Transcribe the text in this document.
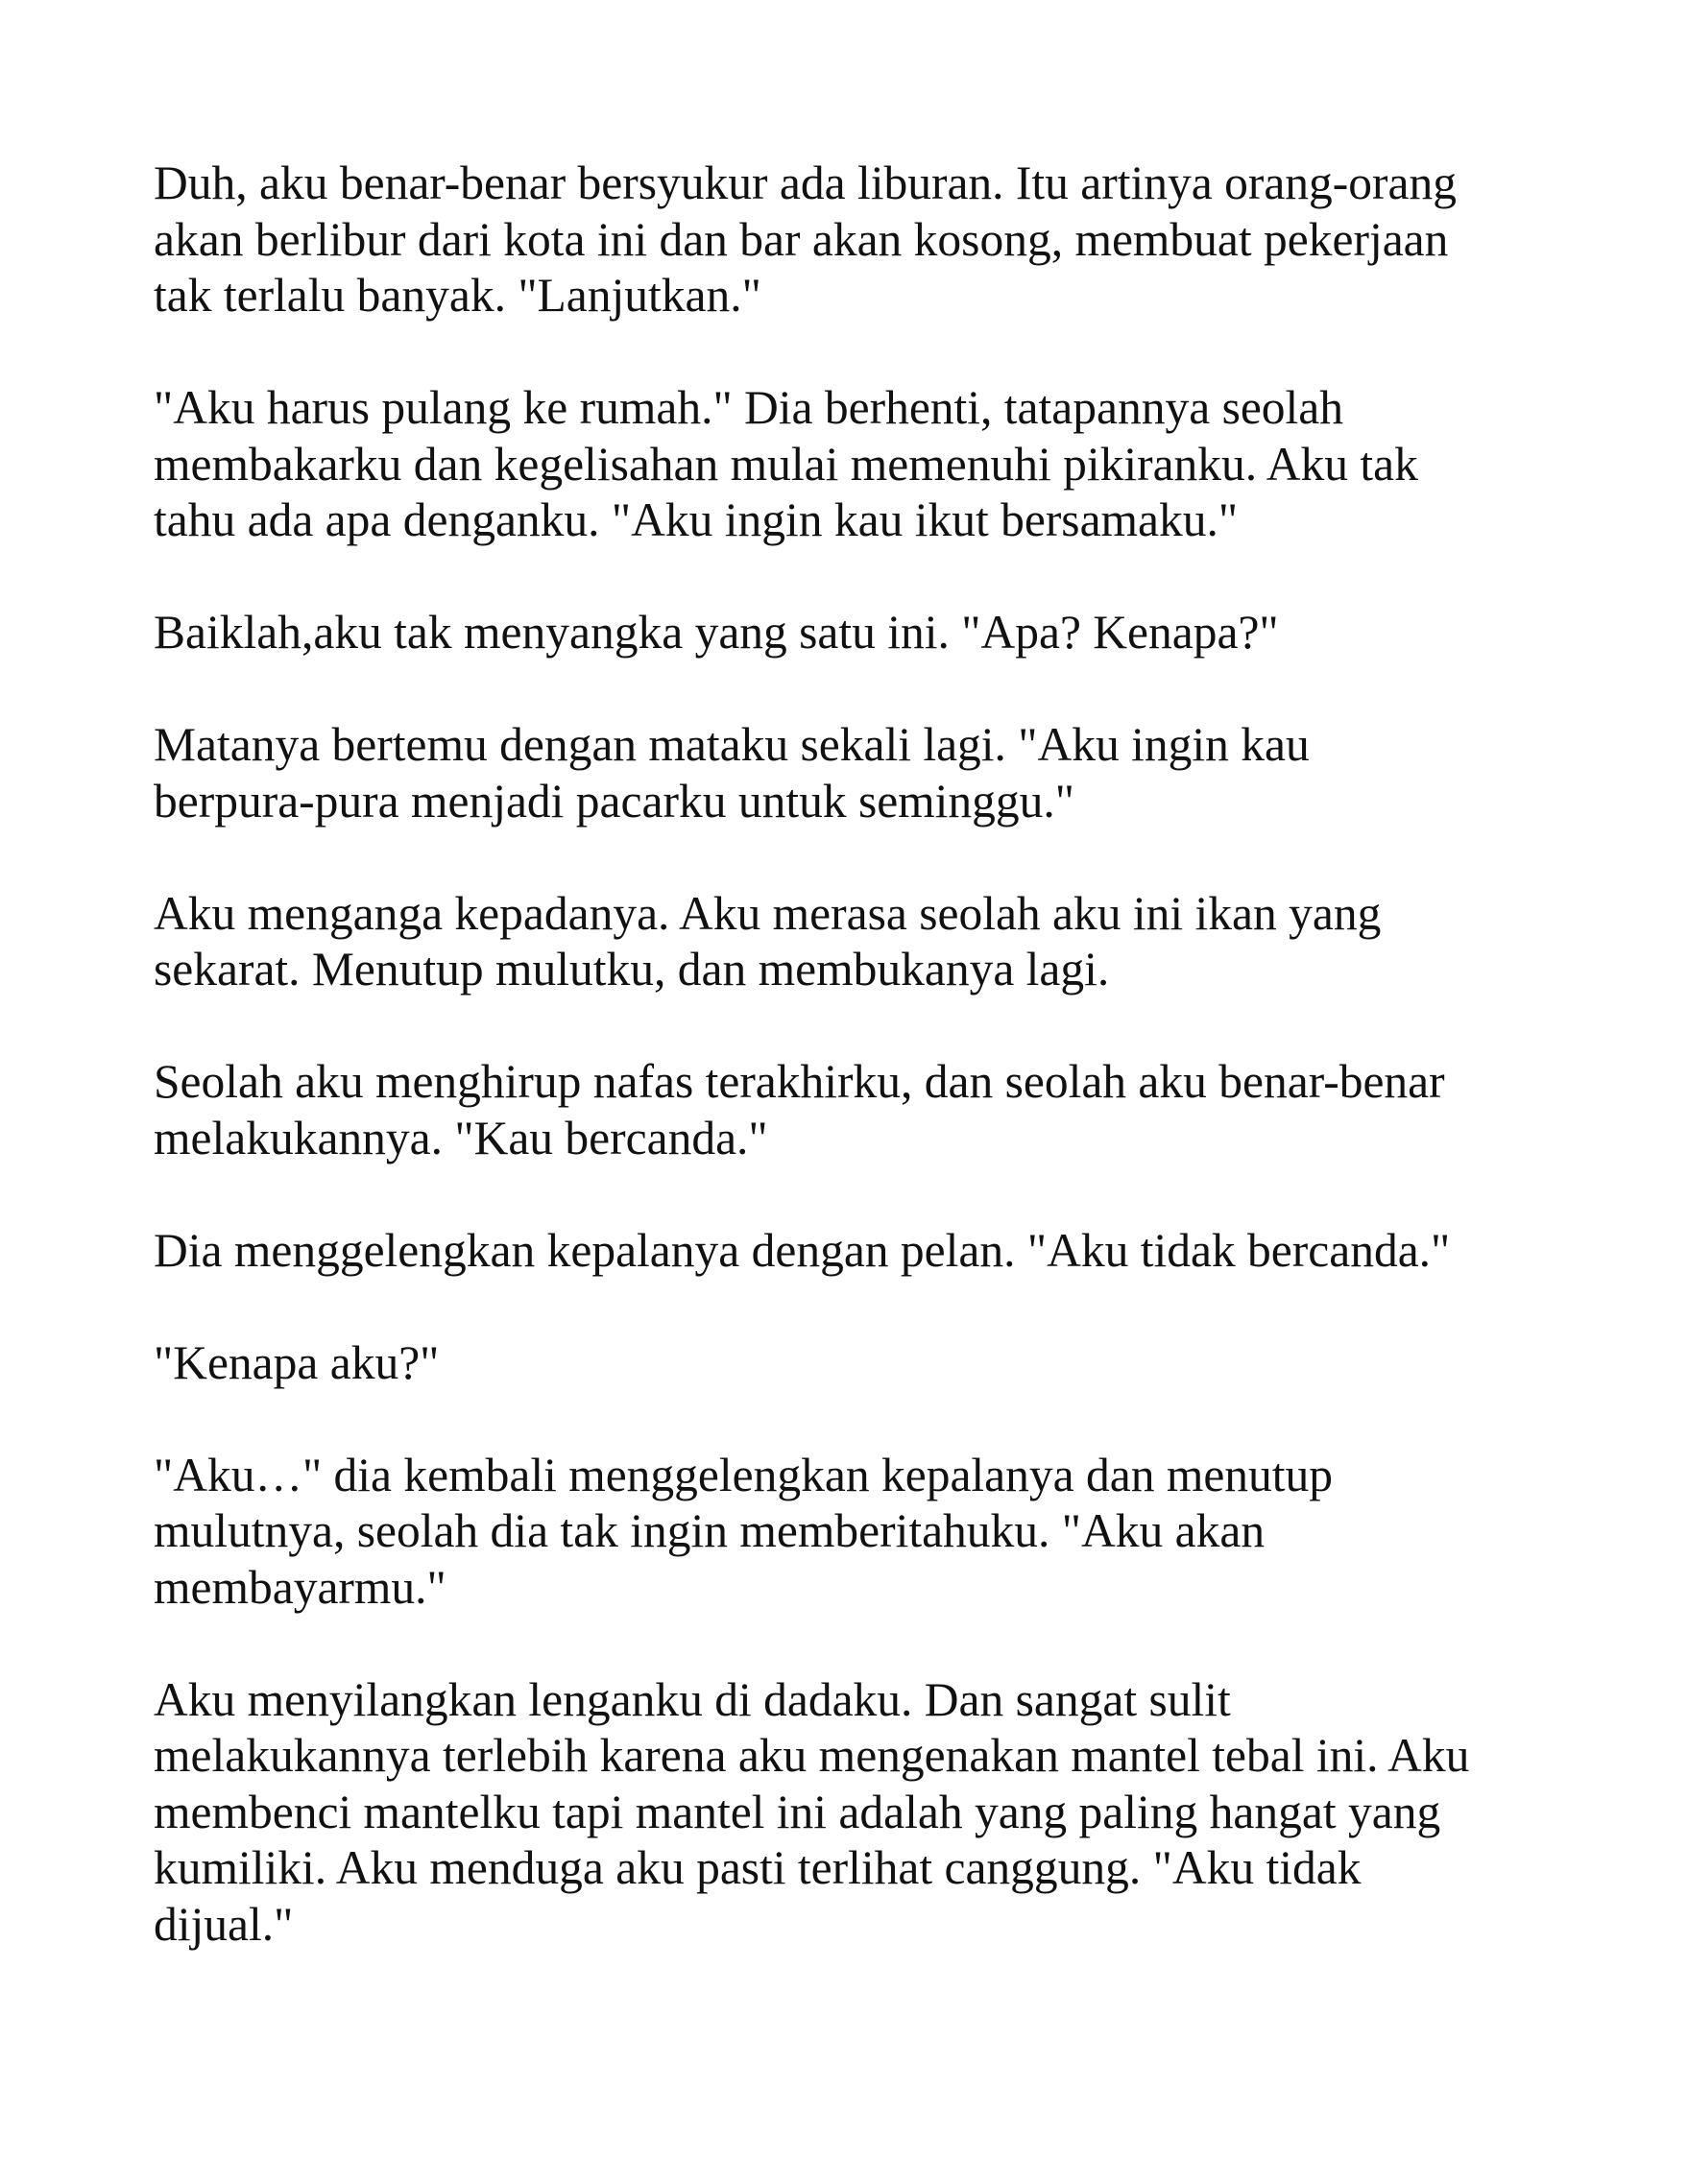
Duh, aku benar-benar bersyukur ada liburan. Itu artinya orang-orang
akan berlibur dari kota ini dan bar akan kosong, membuat pekerjaan
tak terlalu banyak. "Lanjutkan."

"Aku harus pulang ke rumah." Dia berhenti, tatapannya seolah
membakarku dan kegelisahan mulai memenuhi pikiranku. Aku tak
tahu ada apa denganku. "Aku ingin kau ikut bersamaku."

Baiklah,aku tak menyangka yang satu ini. "Apa? Kenapa?"

Matanya bertemu dengan mataku sekali lagi. "Aku ingin kau
berpura-pura menjadi pacarku untuk seminggu."

Aku menganga kepadanya. Aku merasa seolah aku ini ikan yang
sekarat. Menutup mulutku, dan membukanya lagi.

Seolah aku menghirup nafas terakhirku, dan seolah aku benar-benar
melakukannya. "Kau bercanda."

Dia menggelengkan kepalanya dengan pelan. "Aku tidak bercanda."

"Kenapa aku?"

"Aku…" dia kembali menggelengkan kepalanya dan menutup
mulutnya, seolah dia tak ingin memberitahuku. "Aku akan
membayarmu."

Aku menyilangkan lenganku di dadaku. Dan sangat sulit
melakukannya terlebih karena aku mengenakan mantel tebal ini. Aku
membenci mantelku tapi mantel ini adalah yang paling hangat yang
kumiliki. Aku menduga aku pasti terlihat canggung. "Aku tidak
dijual."
